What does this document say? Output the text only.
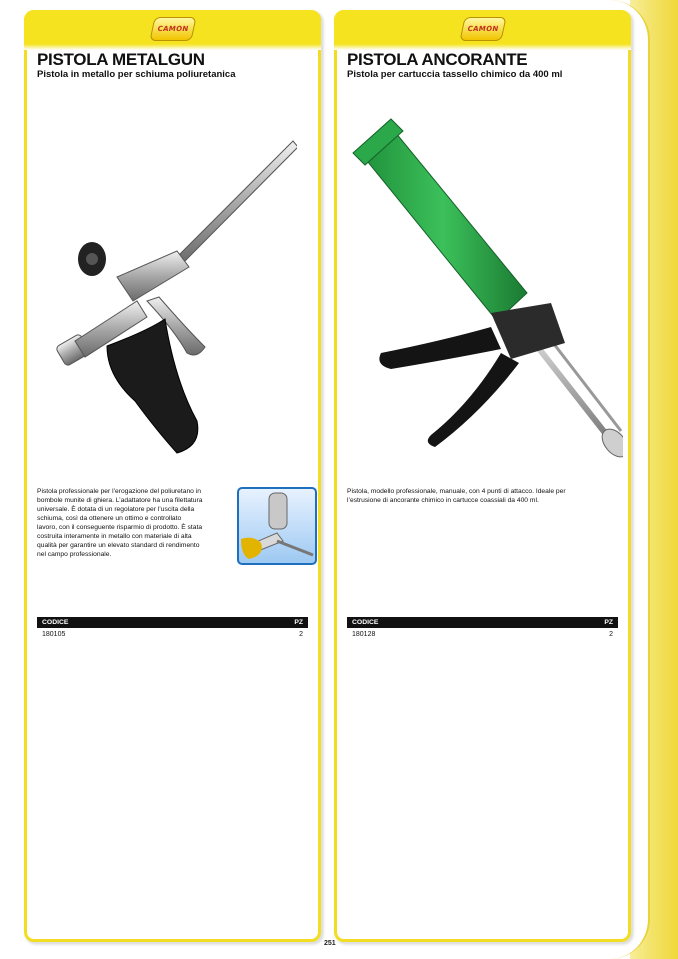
CAMON
PISTOLA METALGUN
Pistola in metallo per schiuma poliuretanica
Pistola professionale per l’erogazione del poliuretano in
bombole munite di ghiera. L’adattatore ha una filettatura
universale. È dotata di un regolatore per l’uscita della
schiuma, così da ottenere un ottimo e controllato
lavoro, con il conseguente risparmio di prodotto. È stata
costruita interamente in metallo con materiale di alta
qualità per garantire un elevato standard di rendimento
nel campo professionale.
CODICE	PZ
180105	2
CAMON
PISTOLA ANCORANTE
Pistola per cartuccia tassello chimico da 400 ml
Pistola, modello professionale, manuale, con 4 punti di attacco. Ideale per
l’estrusione di ancorante chimico in cartucce coassiali da 400 ml.
CODICE	PZ
180128	2
251
